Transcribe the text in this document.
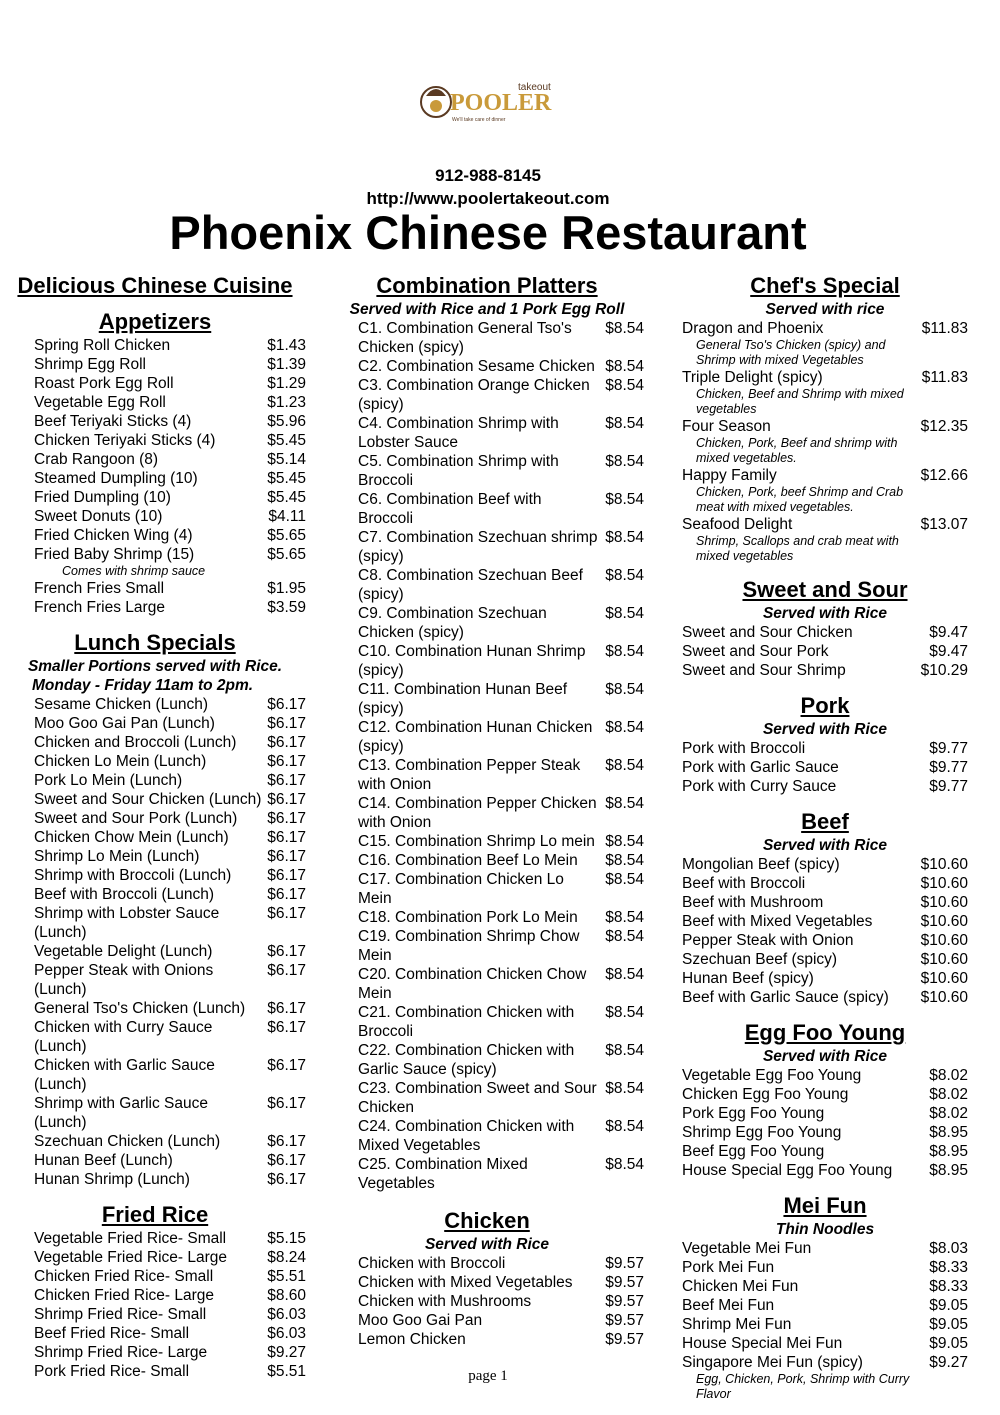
takeout
POOLER
We'll take care of dinner
912-988-8145
http://www.poolertakeout.com
Phoenix Chinese Restaurant
Delicious Chinese Cuisine
Appetizers
Spring Roll Chicken	$1.43
Shrimp Egg Roll	$1.39
Roast Pork Egg Roll	$1.29
Vegetable Egg Roll	$1.23
Beef Teriyaki Sticks (4)	$5.96
Chicken Teriyaki Sticks (4)	$5.45
Crab Rangoon (8)	$5.14
Steamed Dumpling (10)	$5.45
Fried Dumpling (10)	$5.45
Sweet Donuts (10)	$4.11
Fried Chicken Wing (4)	$5.65
Fried Baby Shrimp (15)	$5.65
Comes with shrimp sauce
French Fries Small	$1.95
French Fries Large	$3.59
Lunch Specials
Smaller Portions served with Rice.
Monday - Friday 11am to 2pm.
Sesame Chicken (Lunch)	$6.17
Moo Goo Gai Pan (Lunch)	$6.17
Chicken and Broccoli (Lunch)	$6.17
Chicken Lo Mein (Lunch)	$6.17
Pork Lo Mein (Lunch)	$6.17
Sweet and Sour Chicken (Lunch) $6.17
Sweet and Sour Pork (Lunch)	$6.17
Chicken Chow Mein (Lunch)	$6.17
Shrimp Lo Mein (Lunch)	$6.17
Shrimp with Broccoli (Lunch)	$6.17
Beef with Broccoli (Lunch)	$6.17
Shrimp with Lobster Sauce (Lunch)
$6.17
Vegetable Delight (Lunch)	$6.17
Pepper Steak with Onions (Lunch)
$6.17
General Tso's Chicken (Lunch)	$6.17
Chicken with Curry Sauce (Lunch)
$6.17
Chicken with Garlic Sauce (Lunch)
$6.17
Shrimp with Garlic Sauce (Lunch)
$6.17
Szechuan Chicken (Lunch)	$6.17
Hunan Beef (Lunch)	$6.17
Hunan Shrimp (Lunch)	$6.17
Fried Rice
Vegetable Fried Rice- Small	$5.15
Vegetable Fried Rice- Large	$8.24
Chicken Fried Rice- Small	$5.51
Chicken Fried Rice- Large	$8.60
Shrimp Fried Rice- Small	$6.03
Beef Fried Rice- Small	$6.03
Shrimp Fried Rice- Large	$9.27
Pork Fried Rice- Small	$5.51
Combination Platters
Served with Rice and 1 Pork Egg Roll
C1. Combination General Tso's Chicken (spicy)
$8.54
C2. Combination Sesame Chicken $8.54
C3. Combination Orange Chicken (spicy)
$8.54
C4. Combination Shrimp with Lobster Sauce
$8.54
C5. Combination Shrimp with Broccoli
$8.54
C6. Combination Beef with Broccoli
$8.54
C7. Combination Szechuan shrimp (spicy)
$8.54
C8. Combination Szechuan Beef (spicy)
$8.54
C9. Combination Szechuan Chicken (spicy)
$8.54
C10. Combination Hunan Shrimp (spicy)
$8.54
C11. Combination Hunan Beef (spicy)
$8.54
C12. Combination Hunan Chicken (spicy)
$8.54
C13. Combination Pepper Steak with Onion
$8.54
C14. Combination Pepper Chicken with Onion
$8.54
C15. Combination Shrimp Lo mein $8.54
C16. Combination Beef Lo Mein	$8.54
C17. Combination Chicken Lo Mein
$8.54
C18. Combination Pork Lo Mein	$8.54
C19. Combination Shrimp Chow Mein
$8.54
C20. Combination Chicken Chow Mein
$8.54
C21. Combination Chicken with Broccoli
$8.54
C22. Combination Chicken with Garlic Sauce (spicy)
$8.54
C23. Combination Sweet and Sour Chicken
$8.54
C24. Combination Chicken with Mixed Vegetables
$8.54
C25. Combination Mixed Vegetables
$8.54
Chicken
Served with Rice
Chicken with Broccoli	$9.57
Chicken with Mixed Vegetables	$9.57
Chicken with Mushrooms	$9.57
Moo Goo Gai Pan	$9.57
Lemon Chicken	$9.57
Chef's Special
Served with rice
Dragon and Phoenix	$11.83
General Tso's Chicken (spicy) and Shrimp with mixed Vegetables
Triple Delight (spicy)	$11.83
Chicken, Beef and Shrimp with mixed vegetables
Four Season	$12.35
Chicken, Pork, Beef and shrimp with mixed vegetables.
Happy Family	$12.66
Chicken, Pork, beef Shrimp and Crab meat with mixed vegetables.
Seafood Delight	$13.07
Shrimp, Scallops and crab meat with mixed vegetables
Sweet and Sour
Served with Rice
Sweet and Sour Chicken	$9.47
Sweet and Sour Pork	$9.47
Sweet and Sour Shrimp	$10.29
Pork
Served with Rice
Pork with Broccoli	$9.77
Pork with Garlic Sauce	$9.77
Pork with Curry Sauce	$9.77
Beef
Served with Rice
Mongolian Beef (spicy)	$10.60
Beef with Broccoli	$10.60
Beef with Mushroom	$10.60
Beef with Mixed Vegetables	$10.60
Pepper Steak with Onion	$10.60
Szechuan Beef (spicy)	$10.60
Hunan Beef (spicy)	$10.60
Beef with Garlic Sauce (spicy)	$10.60
Egg Foo Young
Served with Rice
Vegetable Egg Foo Young	$8.02
Chicken Egg Foo Young	$8.02
Pork Egg Foo Young	$8.02
Shrimp Egg Foo Young	$8.95
Beef Egg Foo Young	$8.95
House Special Egg Foo Young	$8.95
Mei Fun
Thin Noodles
Vegetable Mei Fun	$8.03
Pork Mei Fun	$8.33
Chicken Mei Fun	$8.33
Beef Mei Fun	$9.05
Shrimp Mei Fun	$9.05
House Special Mei Fun	$9.05
Singapore Mei Fun (spicy)	$9.27
Egg, Chicken, Pork, Shrimp with Curry Flavor
page 1
